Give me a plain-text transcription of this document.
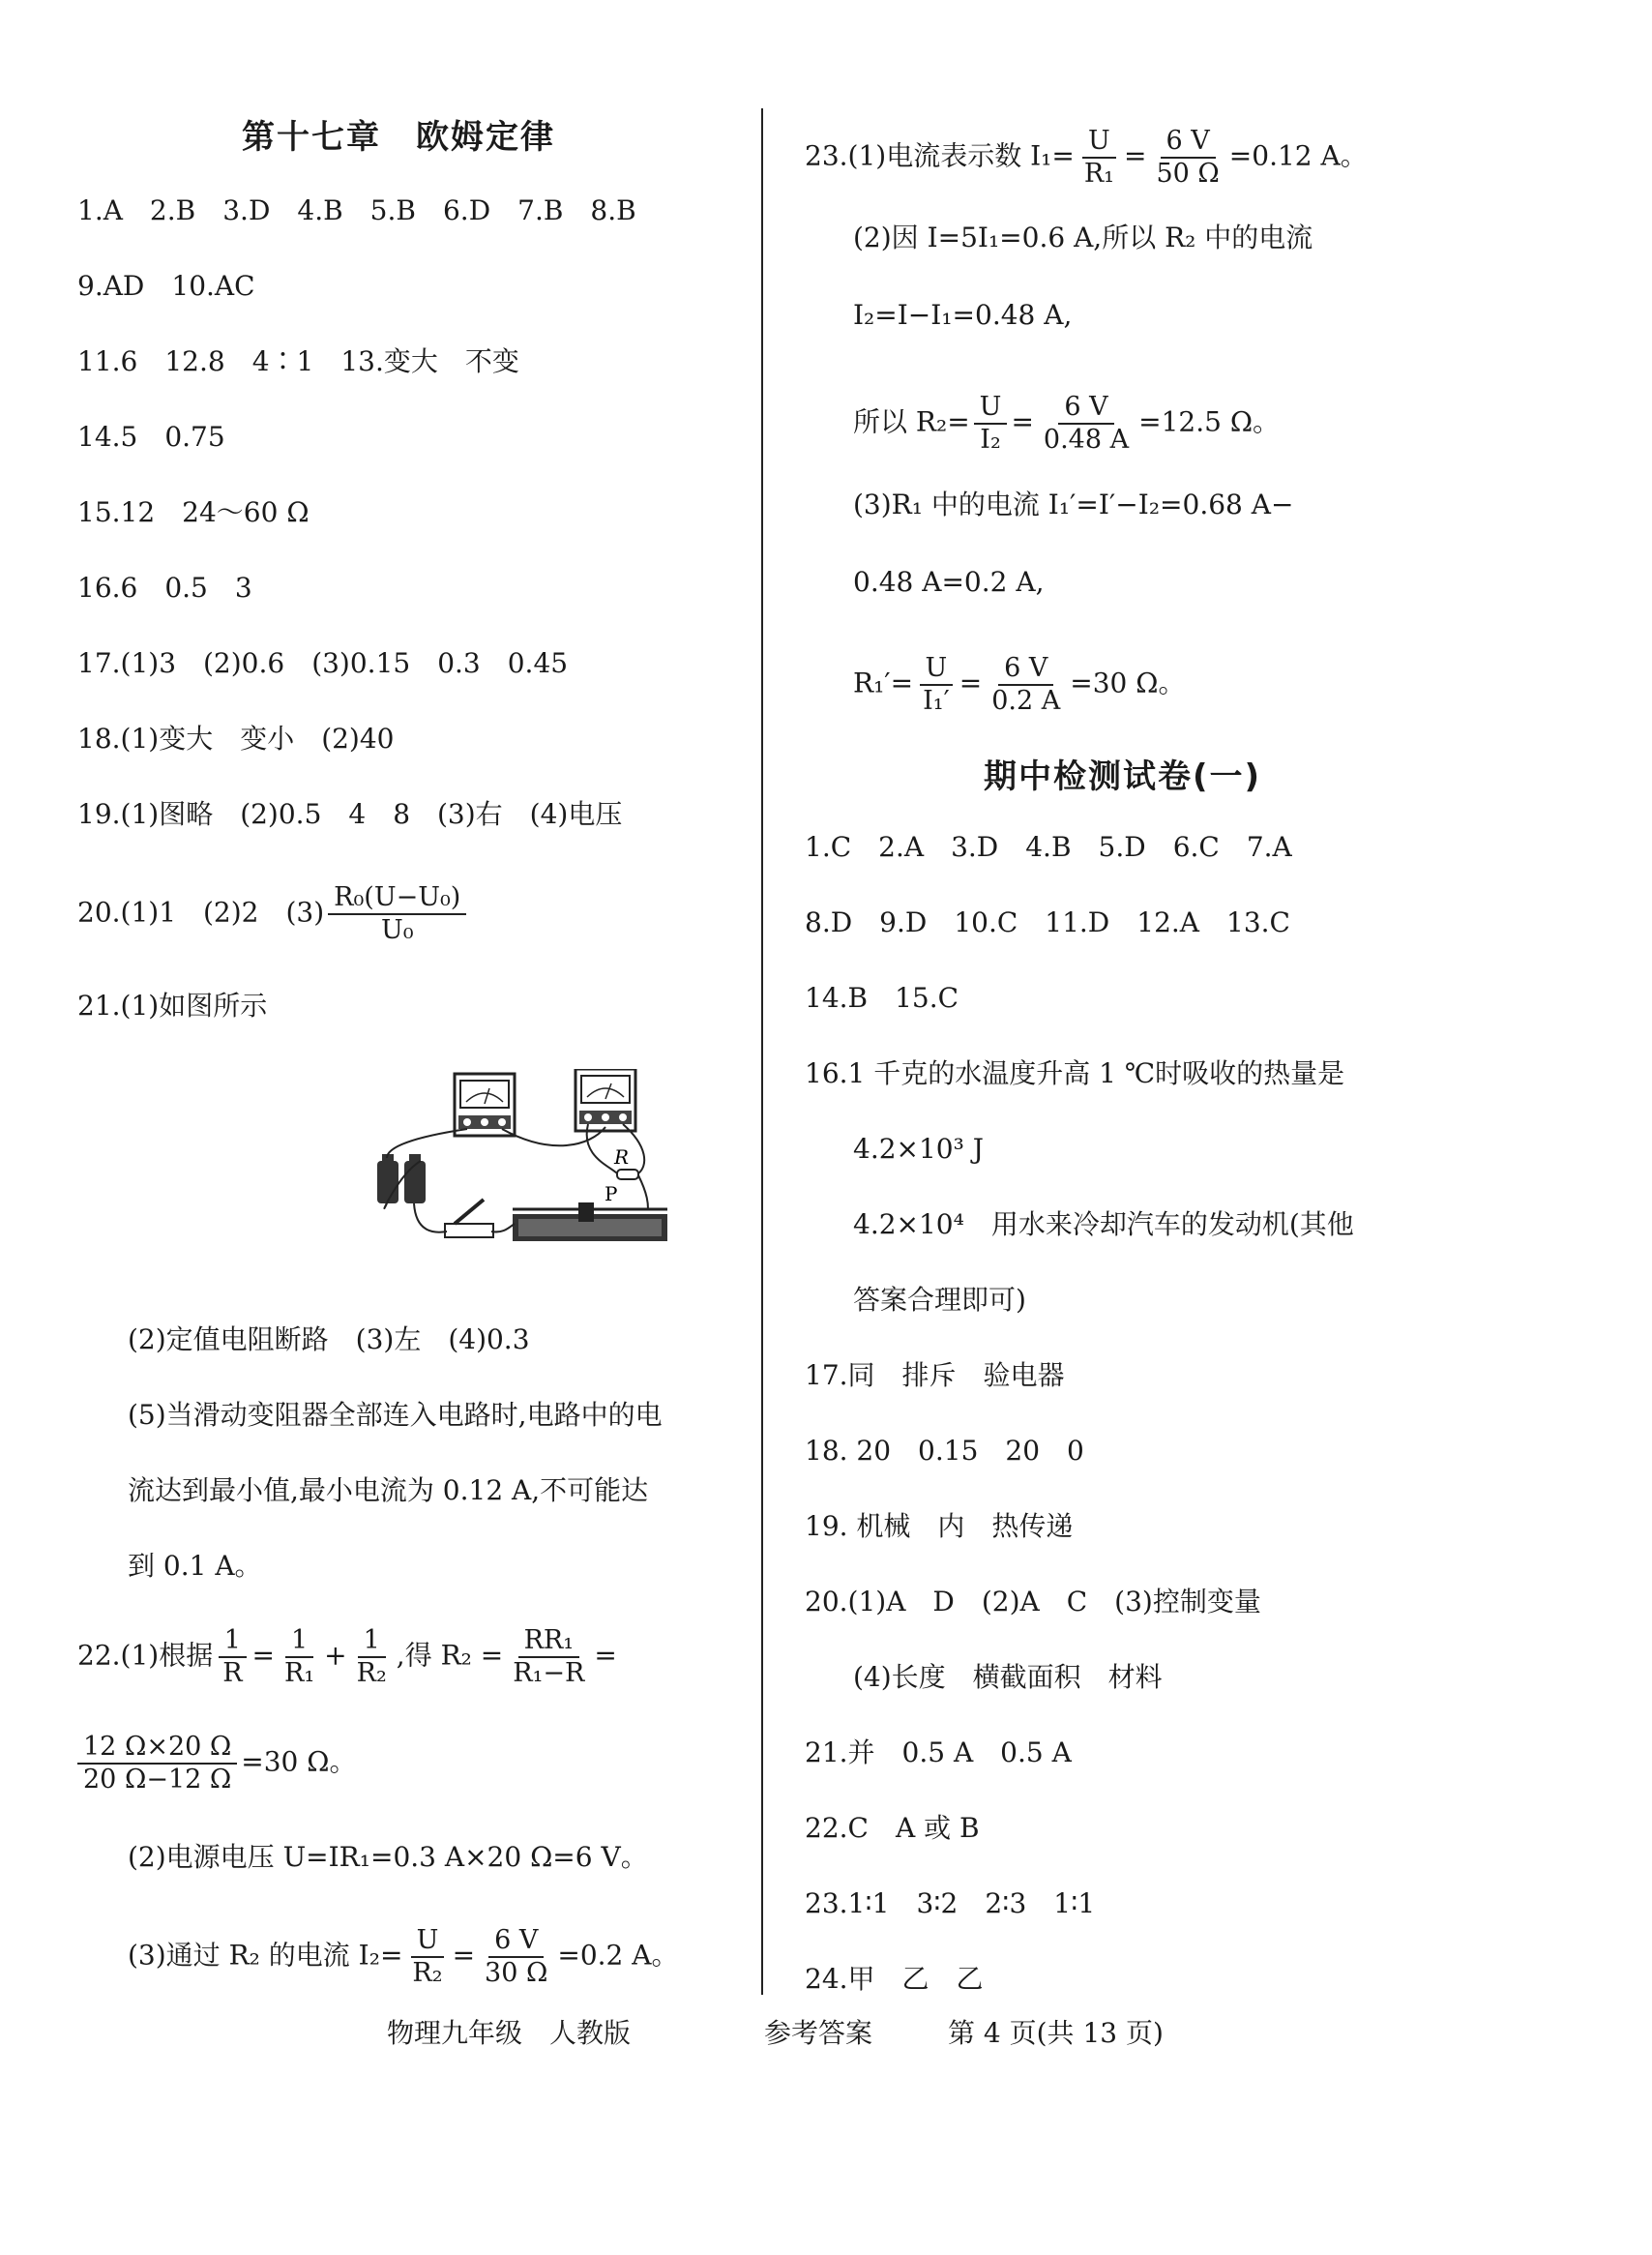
第十七章　欧姆定律
1.A　2.B　3.D　4.B　5.B　6.D　7.B　8.B
9.AD　10.AC
11.6　12.8　4∶1　13.变大　不变
14.5　0.75
15.12　24～60 Ω
16.6　0.5　3
17.(1)3　(2)0.6　(3)0.15　0.3　0.45
18.(1)变大　变小　(2)40
19.(1)图略　(2)0.5　4　8　(3)右　(4)电压
20.(1)1　(2)2　$(3) \frac{\text{R₀(U−U₀)}}{\text{U₀}}$
21.(1)如图所示
R
P
(2)定值电阻断路　(3)左　(4)0.3
(5)当滑动变阻器全部连入电路时,电路中的电
流达到最小值,最小电流为 0.12 A,不可能达
到 0.1 A。
22.(1)根据 $\frac{1}{R} = \frac{1}{\text{R₁}} + \frac{1}{\text{R₂}}$ ,得 $R_2 = \frac{\text{RR₁}}{\text{R₁−R}}$ =
$\frac{12 \Omega\times 20 \Omega}{20 \Omega-12 \Omega} =30$ Ω。
(2)电源电压 U=IR₁=0.3 A×20 Ω=6 V。
(3)通过 R₂ 的电流 $I_2= \frac{U}{\text{R₂}} = \frac{6 V}{30 \Omega} =0.2$ A。
23.(1)电流表示数 $I_1= \frac{U}{\text{R₁}} = \frac{6 V}{50 \Omega} =0.12$ A。
(2)因 I=5I₁=0.6 A,所以 R₂ 中的电流
I₂=I−I₁=0.48 A,
所以 $R_2= \frac{U}{\text{I₂}} = \frac{6 V}{0.48 A} =12.5$ Ω。
(3)R₁ 中的电流 I₁′=I′−I₂=0.68 A−
0.48 A=0.2 A,
$R_1'= \frac{U}{\text{I₁′}} = \frac{6 V}{0.2 A} =30$ Ω。
期中检测试卷(一)
1.C　2.A　3.D　4.B　5.D　6.C　7.A
8.D　9.D　10.C　11.D　12.A　13.C
14.B　15.C
16.1 千克的水温度升高 1 ℃时吸收的热量是
4.2×10³ J
4.2×10⁴　用水来冷却汽车的发动机(其他
答案合理即可)
17.同　排斥　验电器
18. 20　0.15　20　0
19. 机械　内　热传递
20.(1)A　D　(2)A　C　(3)控制变量
(4)长度　横截面积　材料
21.并　0.5 A　0.5 A
22.C　A 或 B
23.1∶1　3∶2　2∶3　1∶1
24.甲　乙　乙
物理九年级　人教版	参考答案	第 4 页(共 13 页)
